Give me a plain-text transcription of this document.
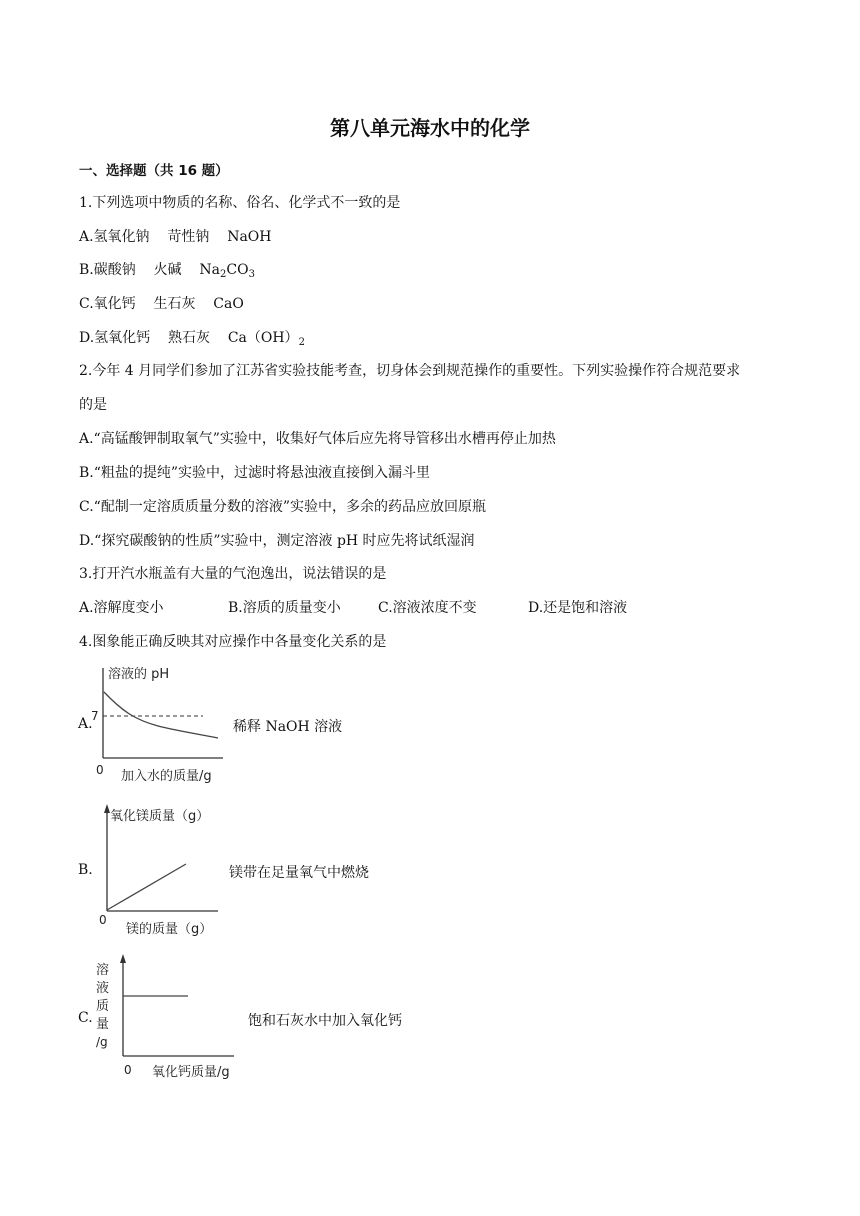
第八单元海水中的化学
一、选择题（共 16 题）
1.下列选项中物质的名称、俗名、化学式不一致的是
A.氢氧化钠 苛性钠 NaOH
B.碳酸钠 火碱 $Na_2CO_3$
C.氧化钙 生石灰 CaO
D.氢氧化钙 熟石灰 $Ca(OH)_2$
2.今年 4 月同学们参加了江苏省实验技能考查，切身体会到规范操作的重要性。下列实验操作符合规范要求
的是
A.“高锰酸钾制取氧气”实验中，收集好气体后应先将导管移出水槽再停止加热
B.“粗盐的提纯”实验中，过滤时将悬浊液直接倒入漏斗里
C.“配制一定溶质质量分数的溶液”实验中，多余的药品应放回原瓶
D.“探究碳酸钠的性质”实验中，测定溶液 pH 时应先将试纸湿润
3.打开汽水瓶盖有大量的气泡逸出，说法错误的是
A.溶解度变小	B.溶质的质量变小	C.溶液浓度不变	D.还是饱和溶液
4.图象能正确反映其对应操作中各量变化关系的是
A.
溶液的 pH
7
0 加入水的质量/g
稀释 NaOH 溶液
B.
氧化镁质量（g）
0
镁的质量（g）
镁带在足量氧气中燃烧
C.
溶
液
质
量
/g
0 氧化钙质量/g
饱和石灰水中加入氧化钙
